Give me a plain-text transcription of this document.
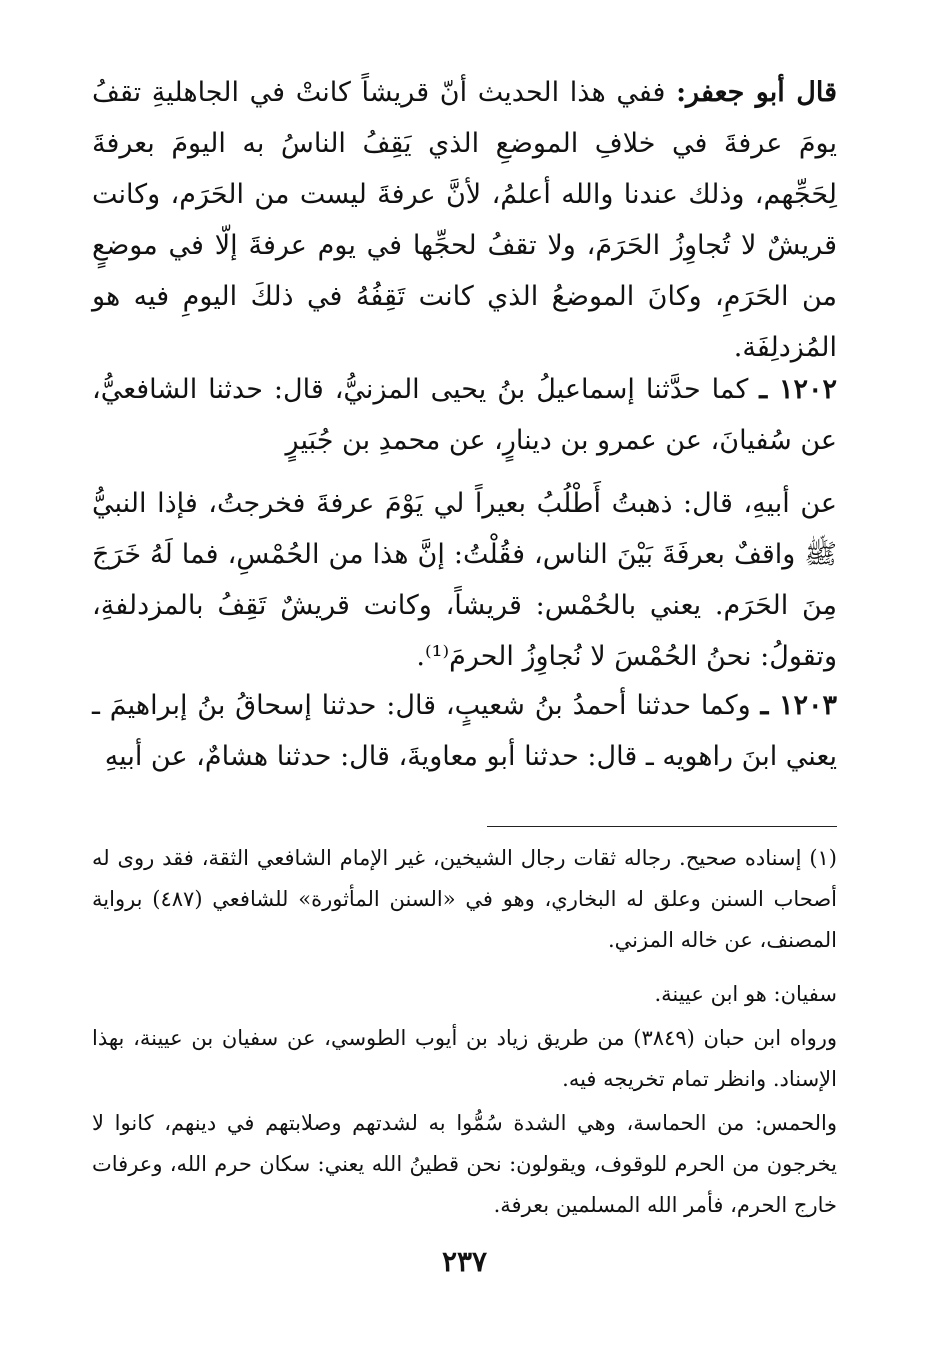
قال أبو جعفر: ففي هذا الحديث أنّ قريشاً كانتْ في الجاهليةِ تقفُ يومَ عرفةَ في خلافِ الموضعِ الذي يَقِفُ الناسُ به اليومَ بعرفةَ لِحَجِّهم، وذلك عندنا والله أعلمُ، لأنَّ عرفةَ ليست من الحَرَم، وكانت قريشٌ لا تُجاوِزُ الحَرَمَ، ولا تقفُ لحجِّها في يوم عرفةَ إلّا في موضعٍ من الحَرَمِ، وكانَ الموضعُ الذي كانت تَقِفُهُ في ذلكَ اليومِ فيه هو المُزدلِفَة.
١٢٠٢ ـ كما حدَّثنا إسماعيلُ بنُ يحيى المزنيُّ، قال: حدثنا الشافعيُّ، عن سُفيانَ، عن عمرو بن دينارٍ، عن محمدِ بن جُبَيرٍ
عن أبيهِ، قال: ذهبتُ أَطْلُبُ بعيراً لي يَوْمَ عرفةَ فخرجتُ، فإذا النبيُّ ﷺ واقفٌ بعرفَةَ بَيْنَ الناس، فقُلْتُ: إنَّ هذا من الحُمْسِ، فما لَهُ خَرَجَ مِنَ الحَرَم. يعني بالحُمْس: قريشاً، وكانت قريشٌ تَقِفُ بالمزدلفةِ، وتقولُ: نحنُ الحُمْسَ لا نُجاوِزُ الحرمَ⁽¹⁾.
١٢٠٣ ـ وكما حدثنا أحمدُ بنُ شعيبٍ، قال: حدثنا إسحاقُ بنُ إبراهيمَ ـ يعني ابنَ راهويه ـ قال: حدثنا أبو معاويةَ، قال: حدثنا هشامٌ، عن أبيهِ
(١) إسناده صحيح. رجاله ثقات رجال الشيخين، غير الإمام الشافعي الثقة، فقد روى له أصحاب السنن وعلق له البخاري، وهو في «السنن المأثورة» للشافعي (٤٨٧) برواية المصنف، عن خاله المزني.
سفيان: هو ابن عيينة.
ورواه ابن حبان (٣٨٤٩) من طريق زياد بن أيوب الطوسي، عن سفيان بن عيينة، بهذا الإسناد. وانظر تمام تخريجه فيه.
والحمس: من الحماسة، وهي الشدة سُمُّوا به لشدتهم وصلابتهم في دينهم، كانوا لا يخرجون من الحرم للوقوف، ويقولون: نحن قطينُ الله يعني: سكان حرم الله، وعرفات خارج الحرم، فأمر الله المسلمين بعرفة.
٢٣٧
